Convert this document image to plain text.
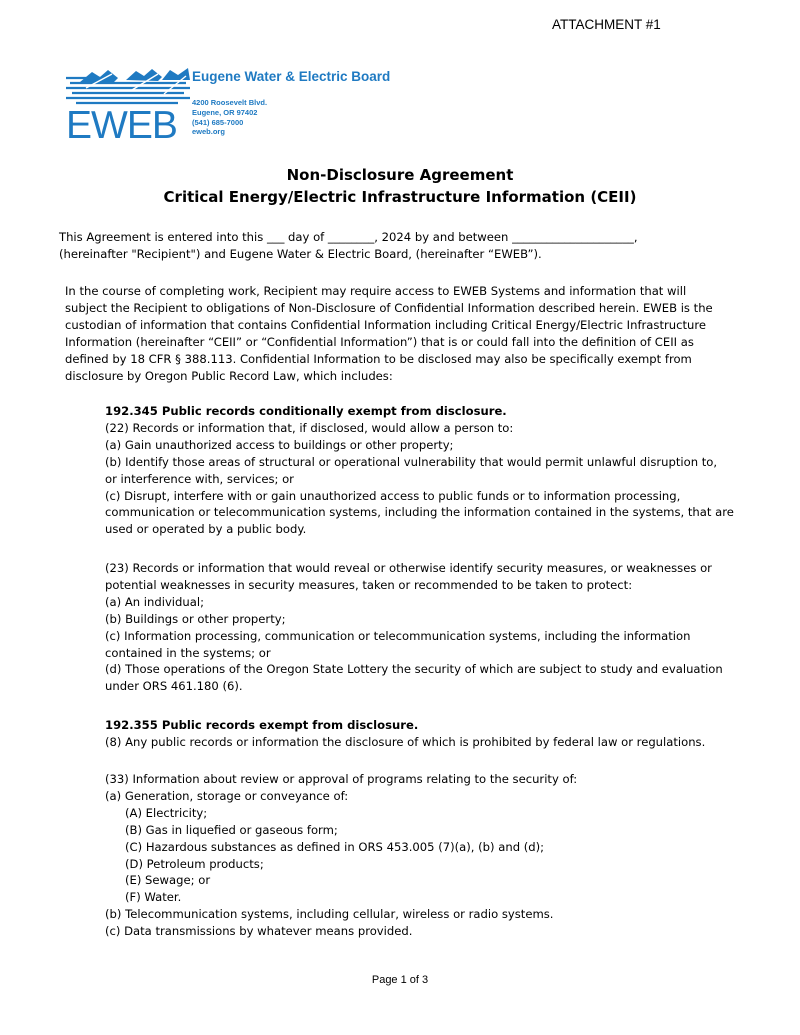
ATTACHMENT #1
EWEB
Eugene Water & Electric Board
4200 Roosevelt Blvd.
Eugene, OR 97402
(541) 685-7000
eweb.org
Non-Disclosure Agreement
Critical Energy/Electric Infrastructure Information (CEII)
This Agreement is entered into this ___ day of ________, 2024 by and between _____________________,
(hereinafter "Recipient") and Eugene Water & Electric Board, (hereinafter “EWEB”).
In the course of completing work, Recipient may require access to EWEB Systems and information that will
subject the Recipient to obligations of Non-Disclosure of Confidential Information described herein. EWEB is the
custodian of information that contains Confidential Information including Critical Energy/Electric Infrastructure
Information (hereinafter “CEII” or “Confidential Information”) that is or could fall into the definition of CEII as
defined by 18 CFR § 388.113. Confidential Information to be disclosed may also be specifically exempt from
disclosure by Oregon Public Record Law, which includes:
192.345 Public records conditionally exempt from disclosure.
(22) Records or information that, if disclosed, would allow a person to:
(a) Gain unauthorized access to buildings or other property;
(b) Identify those areas of structural or operational vulnerability that would permit unlawful disruption to,
or interference with, services; or
(c) Disrupt, interfere with or gain unauthorized access to public funds or to information processing,
communication or telecommunication systems, including the information contained in the systems, that are
used or operated by a public body.
(23) Records or information that would reveal or otherwise identify security measures, or weaknesses or
potential weaknesses in security measures, taken or recommended to be taken to protect:
(a) An individual;
(b) Buildings or other property;
(c) Information processing, communication or telecommunication systems, including the information
contained in the systems; or
(d) Those operations of the Oregon State Lottery the security of which are subject to study and evaluation
under ORS 461.180 (6).
192.355 Public records exempt from disclosure.
(8) Any public records or information the disclosure of which is prohibited by federal law or regulations.
(33) Information about review or approval of programs relating to the security of:
(a) Generation, storage or conveyance of:
(A) Electricity;
(B) Gas in liquefied or gaseous form;
(C) Hazardous substances as defined in ORS 453.005 (7)(a), (b) and (d);
(D) Petroleum products;
(E) Sewage; or
(F) Water.
(b) Telecommunication systems, including cellular, wireless or radio systems.
(c) Data transmissions by whatever means provided.
Page 1 of 3
